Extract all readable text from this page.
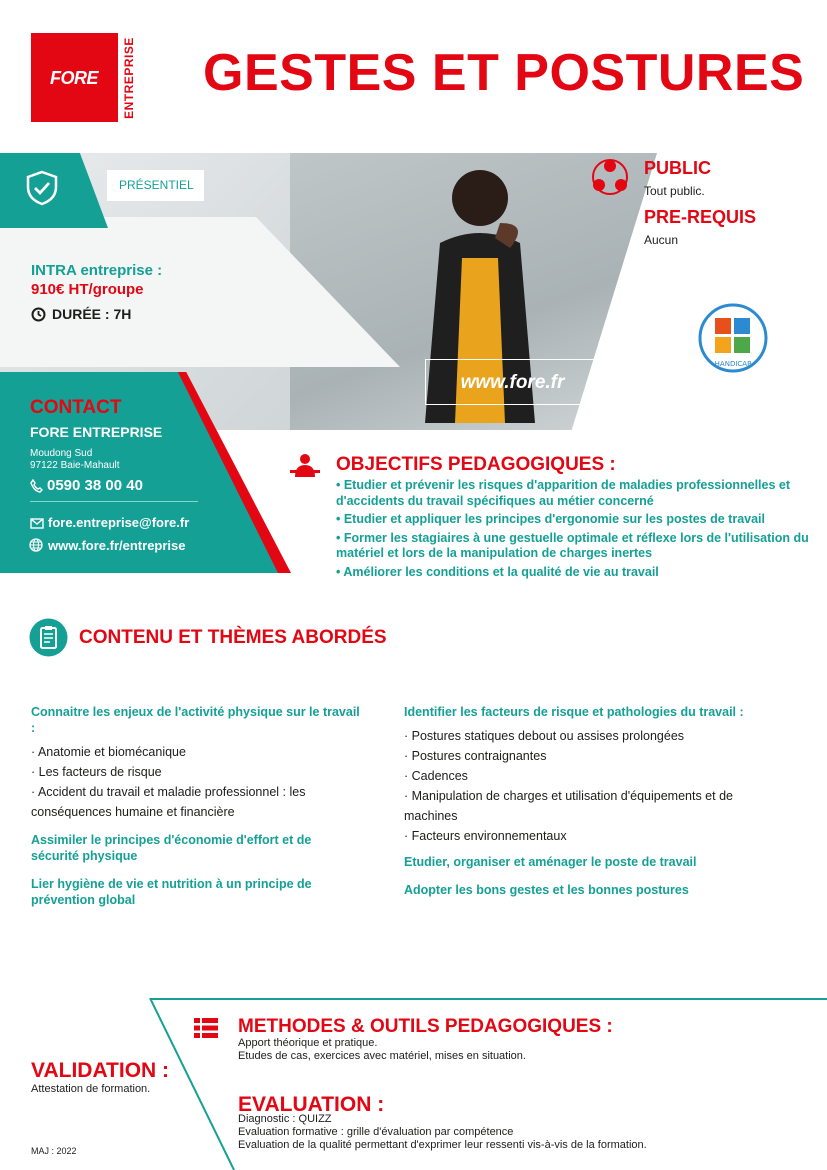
FORE	ENTREPRISE GESTES ET POSTURES
PRÉSENTIEL
INTRA entreprise :
910€ HT/groupe
DURÉE : 7H
www.fore.fr
CONTACT
FORE ENTREPRISE
Moudong Sud
97122 Baie-Mahault
0590 38 00 40
fore.entreprise@fore.fr
www.fore.fr/entreprise
PUBLIC
Tout public.
PRE-REQUIS
Aucun
HANDICAP
OBJECTIFS PEDAGOGIQUES :
• Etudier et prévenir les risques d'apparition de maladies professionnelles et d'accidents du travail spécifiques au métier concerné
• Etudier et appliquer les principes d'ergonomie sur les postes de travail
• Former les stagiaires à une gestuelle optimale et réflexe lors de l'utilisation du matériel et lors de la manipulation de charges inertes
• Améliorer les conditions et la qualité de vie au travail
CONTENU ET THÈMES ABORDÉS
Connaitre les enjeux de l'activité physique sur le travail :
· Anatomie et biomécanique
· Les facteurs de risque
· Accident du travail et maladie professionnel : les conséquences humaine et financière
Assimiler le principes d'économie d'effort et de sécurité physique
Lier hygiène de vie et nutrition à un principe de prévention global
Identifier les facteurs de risque et pathologies du travail :
· Postures statiques debout ou assises prolongées
· Postures contraignantes
· Cadences
· Manipulation de charges et utilisation d'équipements et de machines
· Facteurs environnementaux
Etudier, organiser et aménager le poste de travail
Adopter les bons gestes et les bonnes postures
METHODES & OUTILS PEDAGOGIQUES :
Apport théorique et pratique.
Etudes de cas, exercices avec matériel, mises en situation.
VALIDATION :
Attestation de formation.
EVALUATION :
Diagnostic : QUIZZ
Evaluation formative : grille d'évaluation par compétence
Evaluation de la qualité permettant d'exprimer leur ressenti vis-à-vis de la formation.
MAJ : 2022
